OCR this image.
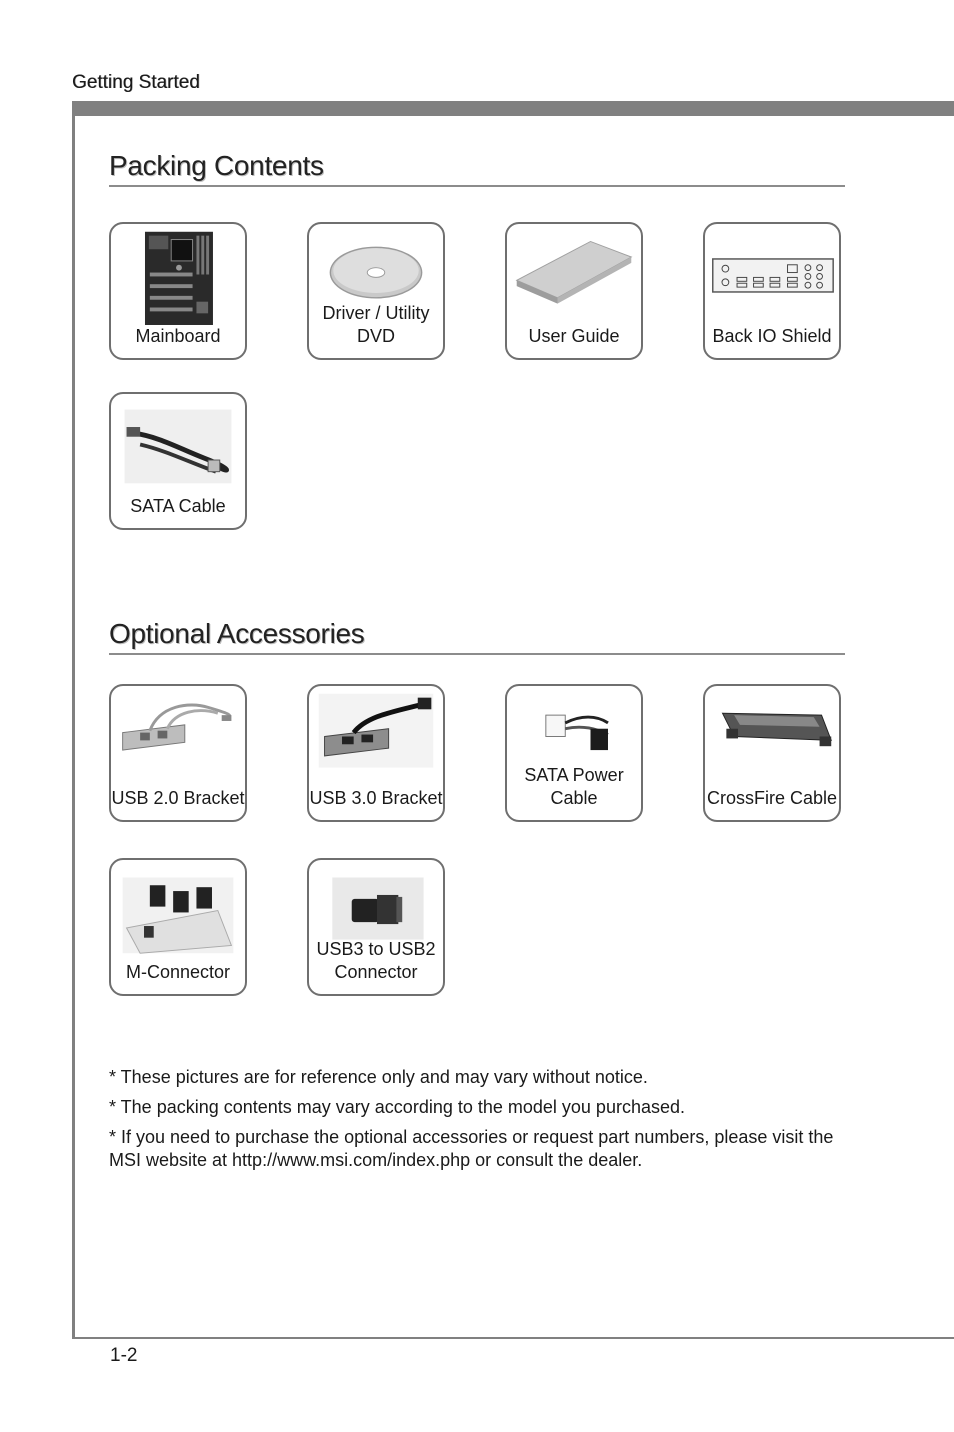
Getting Started
Packing Contents
Mainboard
Driver / Utility DVD	User Guide	Back IO Shield
SATA Cable
Optional Accessories
USB 2.0 Bracket	USB 3.0 Bracket
SATA Power Cable	CrossFire Cable
M-Connector
USB3 to USB2 Connector

* These pictures are for reference only and may vary without notice.

* The packing contents may vary according to the model you purchased.

* If you need to purchase the optional accessories or request part numbers, please visit the MSI website at http://www.msi.com/index.php or consult the dealer.

1-2
